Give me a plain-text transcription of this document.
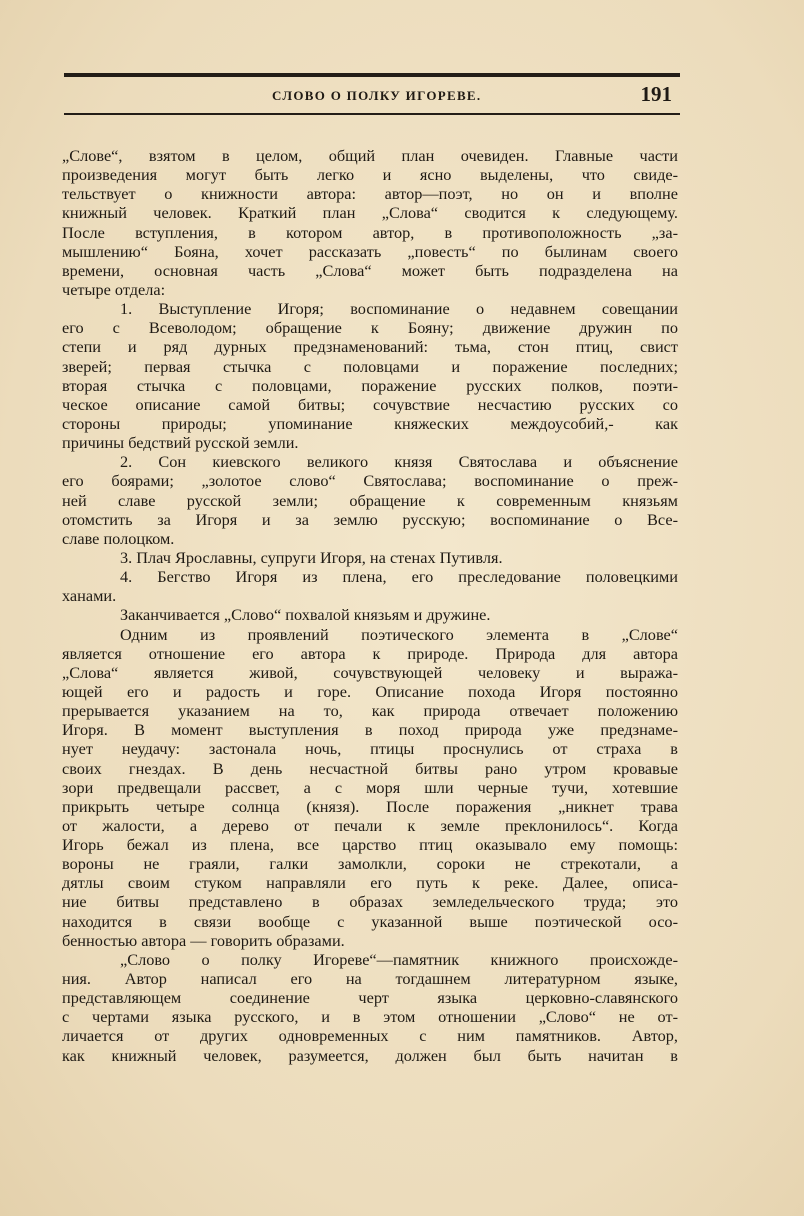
СЛОВО О ПОЛКУ ИГОРЕВЕ.	191
„Слове“, взятом в целом, общий план очевиден. Главные части
произведения могут быть легко и ясно выделены, что свиде-
тельствует о книжности автора: автор—поэт, но он и вполне
книжный человек. Краткий план „Слова“ сводится к следующему.
После вступления, в котором автор, в противоположность „за-
мышлению“ Бояна, хочет рассказать „повесть“ по былинам своего
времени, основная часть „Слова“ может быть подразделена на
четыре отдела:
1. Выступление Игоря; воспоминание о недавнем совещании
его с Всеволодом; обращение к Бояну; движение дружин по
степи и ряд дурных предзнаменований: тьма, стон птиц, свист
зверей; первая стычка с половцами и поражение последних;
вторая стычка с половцами, поражение русских полков, поэти-
ческое описание самой битвы; сочувствие несчастию русских со
стороны природы; упоминание княжеских междоусобий,- как
причины бедствий русской земли.
2. Сон киевского великого князя Святослава и объяснение
его боярами; „золотое слово“ Святослава; воспоминание о преж-
ней славе русской земли; обращение к современным князьям
отомстить за Игоря и за землю русскую; воспоминание о Все-
славе полоцком.
3. Плач Ярославны, супруги Игоря, на стенах Путивля.
4. Бегство Игоря из плена, его преследование половецкими
ханами.
Заканчивается „Слово“ похвалой князьям и дружине.
Одним из проявлений поэтического элемента в „Слове“
является отношение его автора к природе. Природа для автора
„Слова“ является живой, сочувствующей человеку и выража-
ющей его и радость и горе. Описание похода Игоря постоянно
прерывается указанием на то, как природа отвечает положению
Игоря. В момент выступления в поход природа уже предзнаме-
нует неудачу: застонала ночь, птицы проснулись от страха в
своих гнездах. В день несчастной битвы рано утром кровавые
зори предвещали рассвет, а с моря шли черные тучи, хотевшие
прикрыть четыре солнца (князя). После поражения „никнет трава
от жалости, а дерево от печали к земле преклонилось“. Когда
Игорь бежал из плена, все царство птиц оказывало ему помощь:
вороны не граяли, галки замолкли, сороки не стрекотали, а
дятлы своим стуком направляли его путь к реке. Далее, описа-
ние битвы представлено в образах земледельческого труда; это
находится в связи вообще с указанной выше поэтической осо-
бенностью автора — говорить образами.
„Слово о полку Игореве“—памятник книжного происхожде-
ния. Автор написал его на тогдашнем литературном языке,
представляющем соединение черт языка церковно-славянского
с чертами языка русского, и в этом отношении „Слово“ не от-
личается от других одновременных с ним памятников. Автор,
как книжный человек, разумеется, должен был быть начитан в
